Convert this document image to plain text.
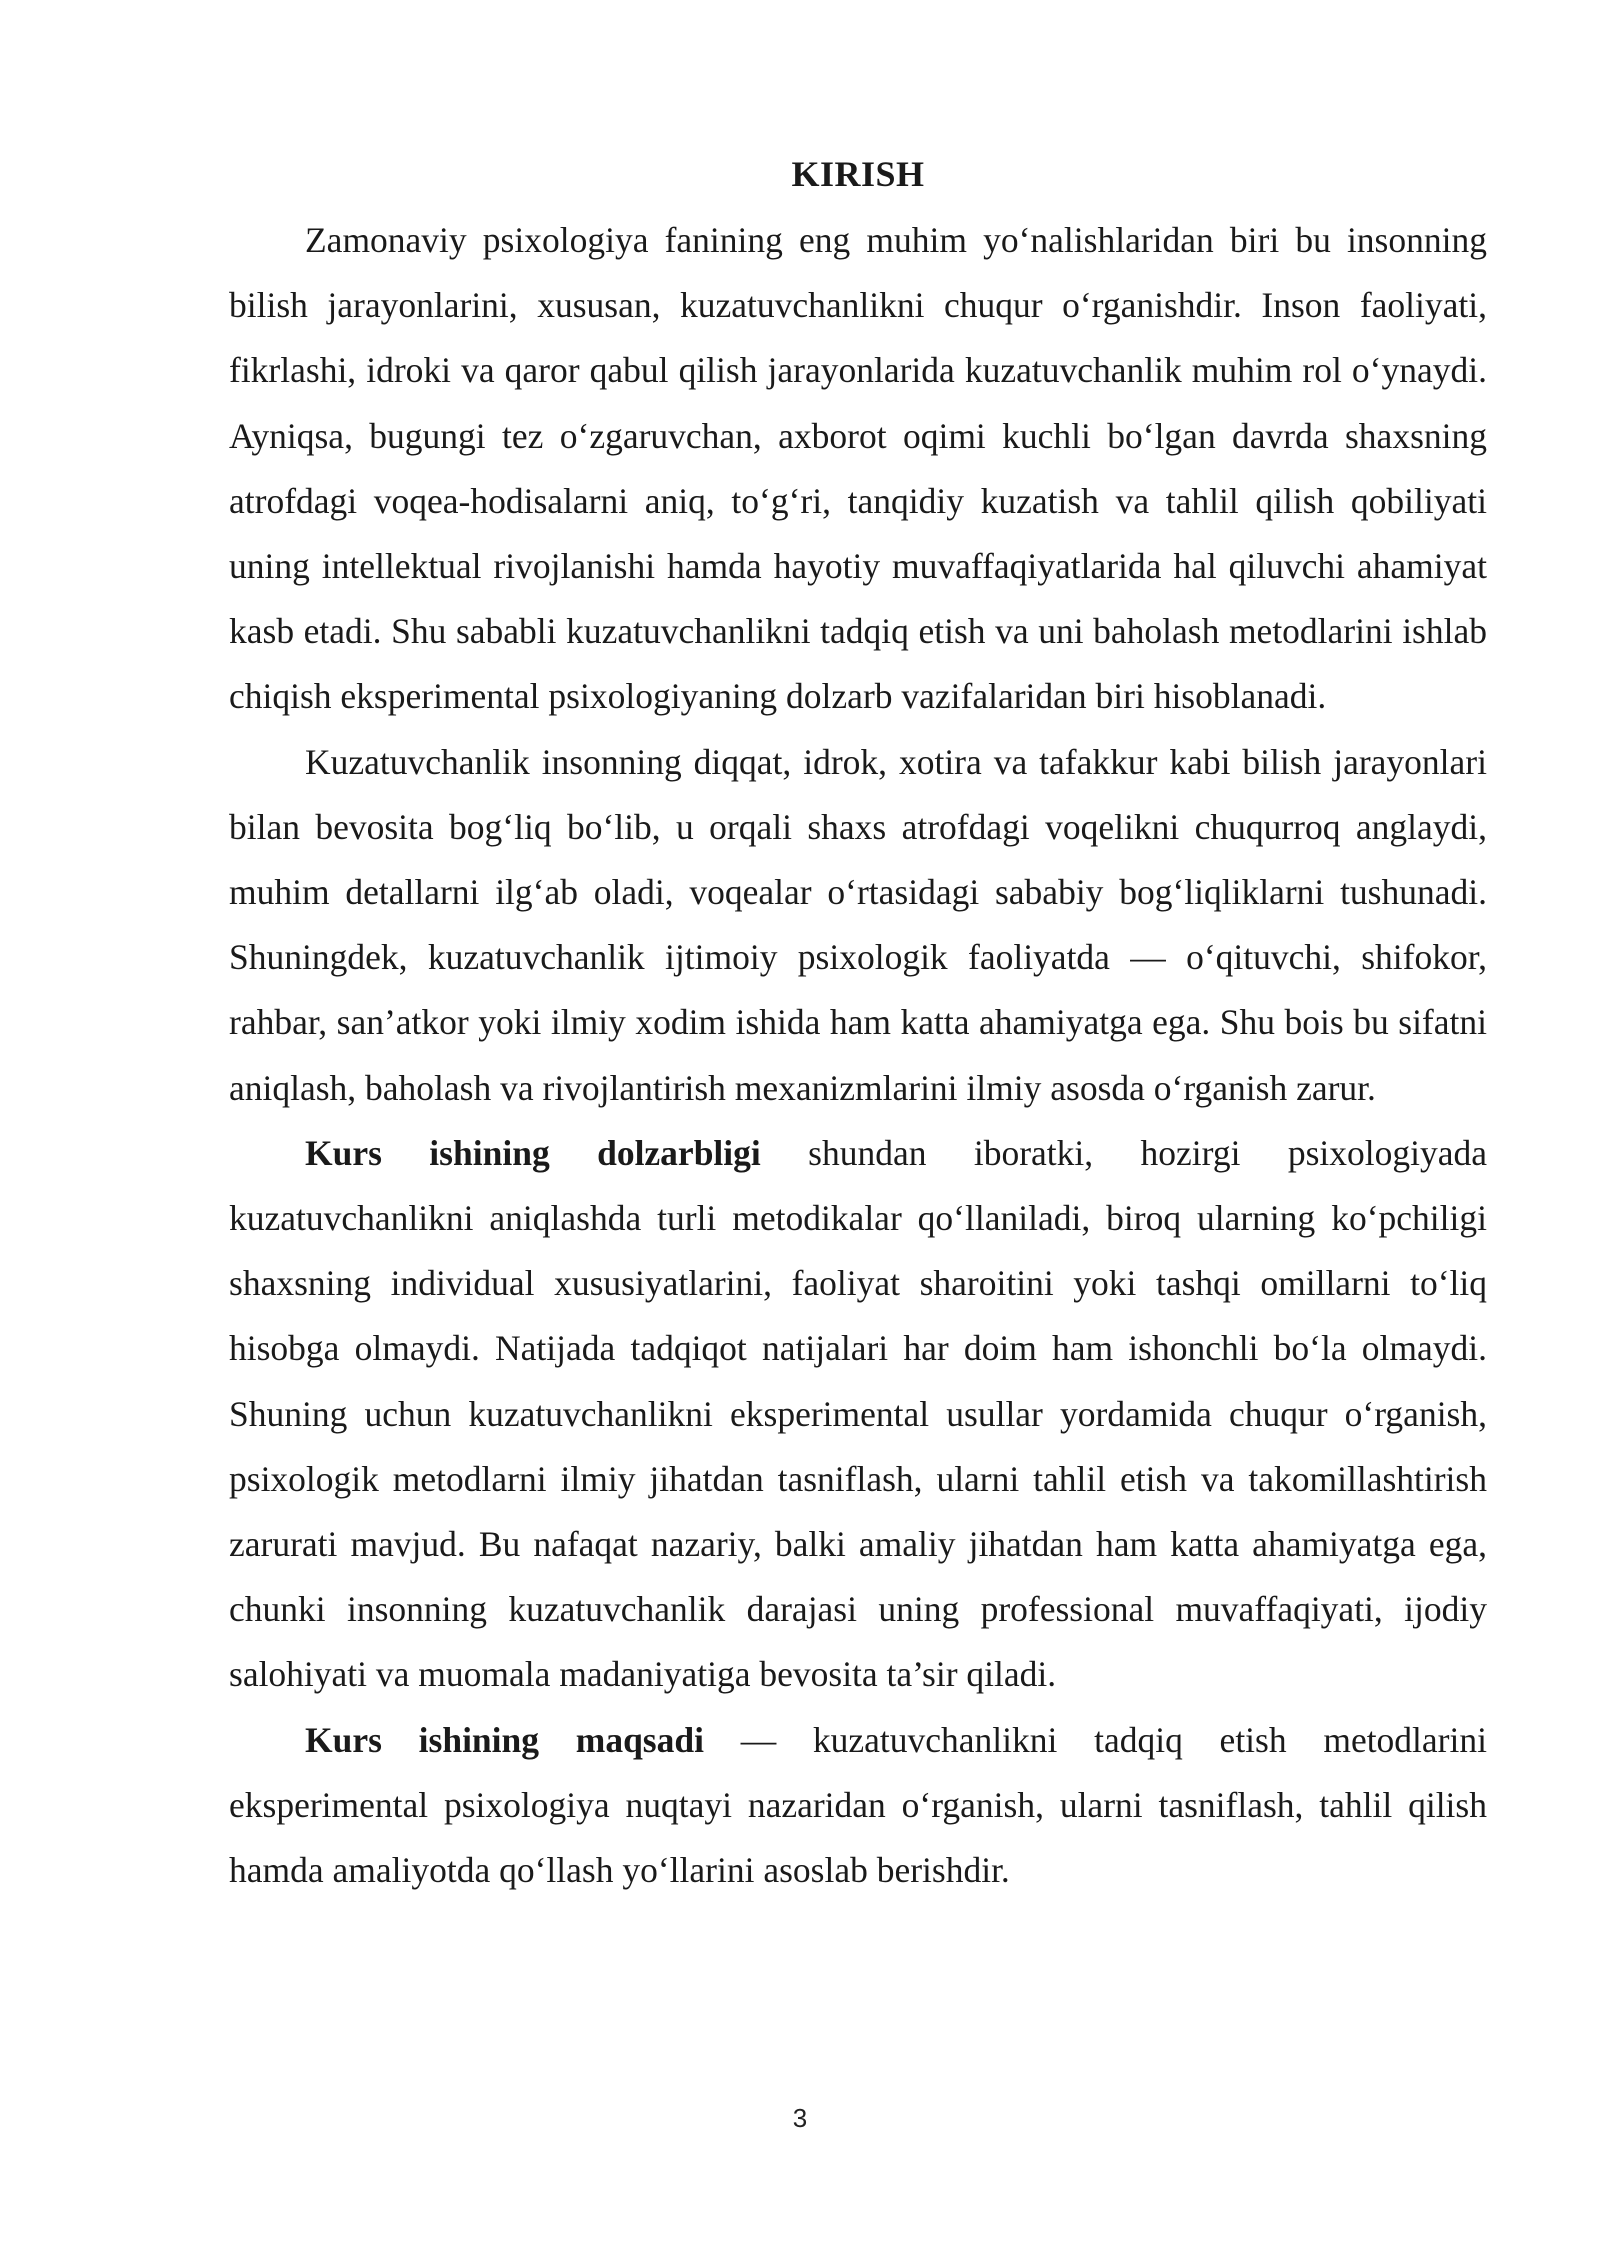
KIRISH

Zamonaviy psixologiya fanining eng muhim yo‘nalishlaridan biri bu insonning bilish jarayonlarini, xususan, kuzatuvchanlikni chuqur o‘rganishdir. Inson faoliyati, fikrlashi, idroki va qaror qabul qilish jarayonlarida kuzatuvchanlik muhim rol o‘ynaydi. Ayniqsa, bugungi tez o‘zgaruvchan, axborot oqimi kuchli bo‘lgan davrda shaxsning atrofdagi voqea-hodisalarni aniq, to‘g‘ri, tanqidiy kuzatish va tahlil qilish qobiliyati uning intellektual rivojlanishi hamda hayotiy muvaffaqiyatlarida hal qiluvchi ahamiyat kasb etadi. Shu sababli kuzatuvchanlikni tadqiq etish va uni baholash metodlarini ishlab chiqish eksperimental psixologiyaning dolzarb vazifalaridan biri hisoblanadi.

Kuzatuvchanlik insonning diqqat, idrok, xotira va tafakkur kabi bilish jarayonlari bilan bevosita bog‘liq bo‘lib, u orqali shaxs atrofdagi voqelikni chuqurroq anglaydi, muhim detallarni ilg‘ab oladi, voqealar o‘rtasidagi sababiy bog‘liqliklarni tushunadi. Shuningdek, kuzatuvchanlik ijtimoiy psixologik faoliyatda — o‘qituvchi, shifokor, rahbar, san’atkor yoki ilmiy xodim ishida ham katta ahamiyatga ega. Shu bois bu sifatni aniqlash, baholash va rivojlantirish mexanizmlarini ilmiy asosda o‘rganish zarur.

Kurs ishining dolzarbligi shundan iboratki, hozirgi psixologiyada kuzatuvchanlikni aniqlashda turli metodikalar qo‘llaniladi, biroq ularning ko‘pchiligi shaxsning individual xususiyatlarini, faoliyat sharoitini yoki tashqi omillarni to‘liq hisobga olmaydi. Natijada tadqiqot natijalari har doim ham ishonchli bo‘la olmaydi. Shuning uchun kuzatuvchanlikni eksperimental usullar yordamida chuqur o‘rganish, psixologik metodlarni ilmiy jihatdan tasniflash, ularni tahlil etish va takomillashtirish zarurati mavjud. Bu nafaqat nazariy, balki amaliy jihatdan ham katta ahamiyatga ega, chunki insonning kuzatuvchanlik darajasi uning professional muvaffaqiyati, ijodiy salohiyati va muomala madaniyatiga bevosita ta’sir qiladi.

Kurs ishining maqsadi — kuzatuvchanlikni tadqiq etish metodlarini eksperimental psixologiya nuqtayi nazaridan o‘rganish, ularni tasniflash, tahlil qilish hamda amaliyotda qo‘llash yo‘llarini asoslab berishdir.

3
